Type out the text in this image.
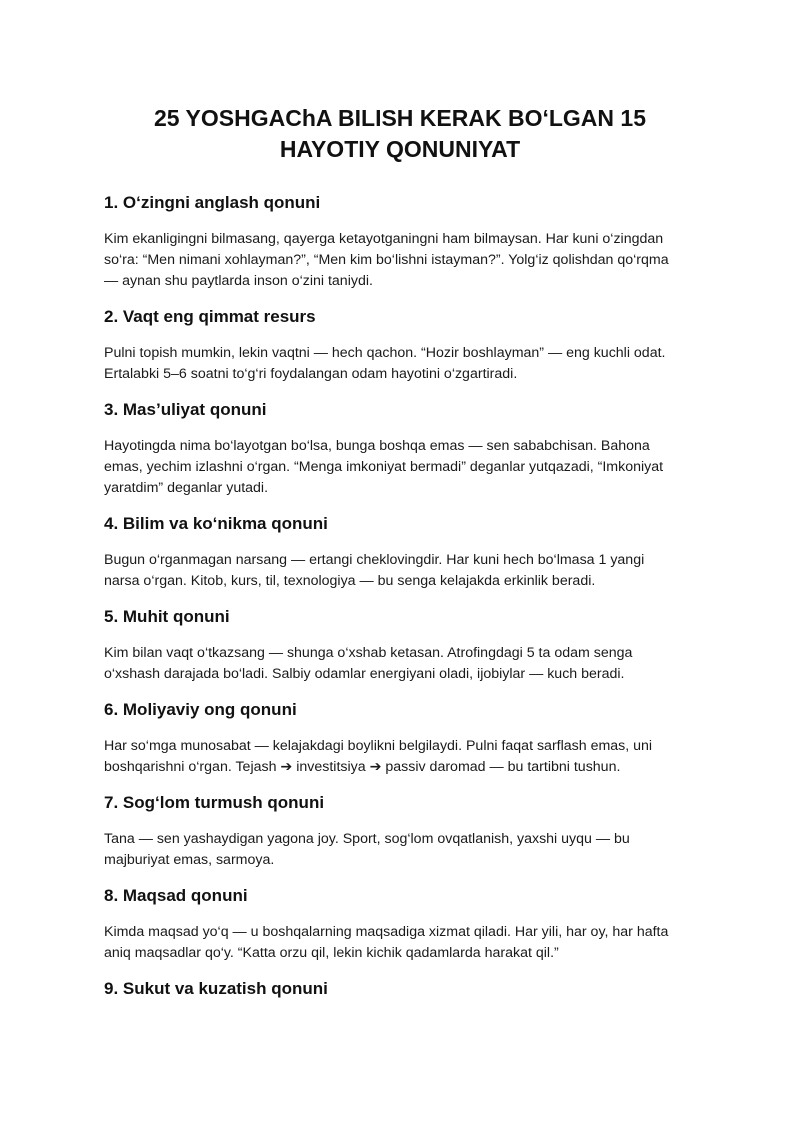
25 YOSHGAChA BILISH KERAK BO‘LGAN 15
HAYOTIY QONUNIYAT
1. O‘zingni anglash qonuni

Kim ekanligingni bilmasang, qayerga ketayotganingni ham bilmaysan. Har kuni o‘zingdan
so‘ra: “Men nimani xohlayman?”, “Men kim bo‘lishni istayman?”. Yolg‘iz qolishdan qo‘rqma
— aynan shu paytlarda inson o‘zini taniydi.

2. Vaqt eng qimmat resurs

Pulni topish mumkin, lekin vaqtni — hech qachon. “Hozir boshlayman” — eng kuchli odat.
Ertalabki 5–6 soatni to‘g‘ri foydalangan odam hayotini o‘zgartiradi.

3. Mas’uliyat qonuni

Hayotingda nima bo‘layotgan bo‘lsa, bunga boshqa emas — sen sababchisan. Bahona
emas, yechim izlashni o‘rgan. “Menga imkoniyat bermadi” deganlar yutqazadi, “Imkoniyat
yaratdim” deganlar yutadi.

4. Bilim va ko‘nikma qonuni

Bugun o‘rganmagan narsang — ertangi cheklovingdir. Har kuni hech bo‘lmasa 1 yangi
narsa o‘rgan. Kitob, kurs, til, texnologiya — bu senga kelajakda erkinlik beradi.

5. Muhit qonuni

Kim bilan vaqt o‘tkazsang — shunga o‘xshab ketasan. Atrofingdagi 5 ta odam senga
o‘xshash darajada bo‘ladi. Salbiy odamlar energiyani oladi, ijobiylar — kuch beradi.

6. Moliyaviy ong qonuni

Har so‘mga munosabat — kelajakdagi boylikni belgilaydi. Pulni faqat sarflash emas, uni
boshqarishni o‘rgan. Tejash ➔ investitsiya ➔ passiv daromad — bu tartibni tushun.

7. Sog‘lom turmush qonuni

Tana — sen yashaydigan yagona joy. Sport, sog‘lom ovqatlanish, yaxshi uyqu — bu
majburiyat emas, sarmoya.

8. Maqsad qonuni

Kimda maqsad yo‘q — u boshqalarning maqsadiga xizmat qiladi. Har yili, har oy, har hafta
aniq maqsadlar qo‘y. “Katta orzu qil, lekin kichik qadamlarda harakat qil.”

9. Sukut va kuzatish qonuni
